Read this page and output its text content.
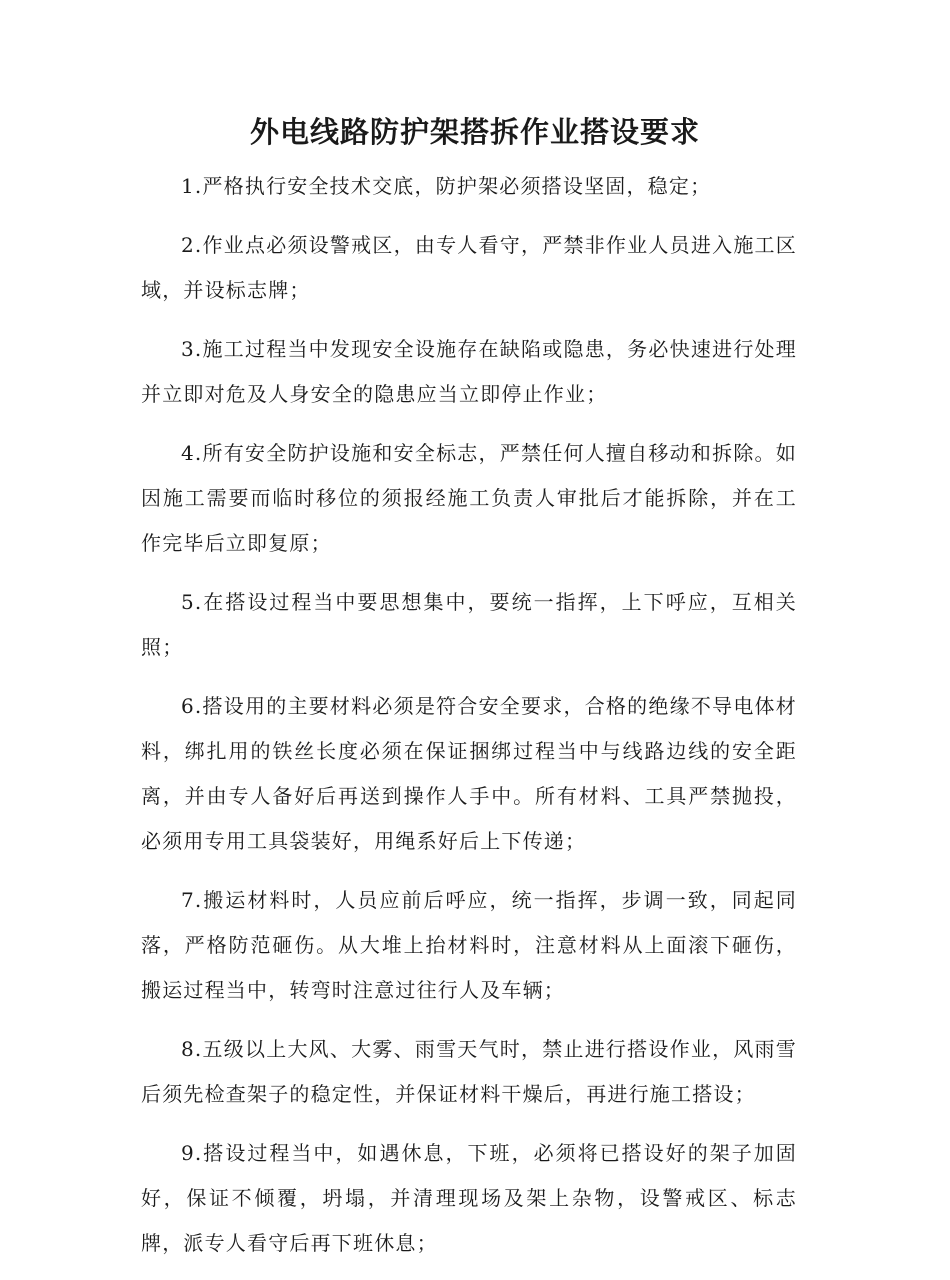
外电线路防护架搭拆作业搭设要求

1.严格执行安全技术交底，防护架必须搭设坚固，稳定；

2.作业点必须设警戒区，由专人看守，严禁非作业人员进入施工区域，并设标志牌；

3.施工过程当中发现安全设施存在缺陷或隐患，务必快速进行处理并立即对危及人身安全的隐患应当立即停止作业；

4.所有安全防护设施和安全标志，严禁任何人擅自移动和拆除。如因施工需要而临时移位的须报经施工负责人审批后才能拆除，并在工作完毕后立即复原；

5.在搭设过程当中要思想集中，要统一指挥，上下呼应，互相关照；

6.搭设用的主要材料必须是符合安全要求，合格的绝缘不导电体材料，绑扎用的铁丝长度必须在保证捆绑过程当中与线路边线的安全距离，并由专人备好后再送到操作人手中。所有材料、工具严禁抛投，必须用专用工具袋装好，用绳系好后上下传递；

7.搬运材料时，人员应前后呼应，统一指挥，步调一致，同起同落，严格防范砸伤。从大堆上抬材料时，注意材料从上面滚下砸伤，搬运过程当中，转弯时注意过往行人及车辆；

8.五级以上大风、大雾、雨雪天气时，禁止进行搭设作业，风雨雪后须先检查架子的稳定性，并保证材料干燥后，再进行施工搭设；

9.搭设过程当中，如遇休息，下班，必须将已搭设好的架子加固好，保证不倾覆，坍塌，并清理现场及架上杂物，设警戒区、标志牌，派专人看守后再下班休息；
